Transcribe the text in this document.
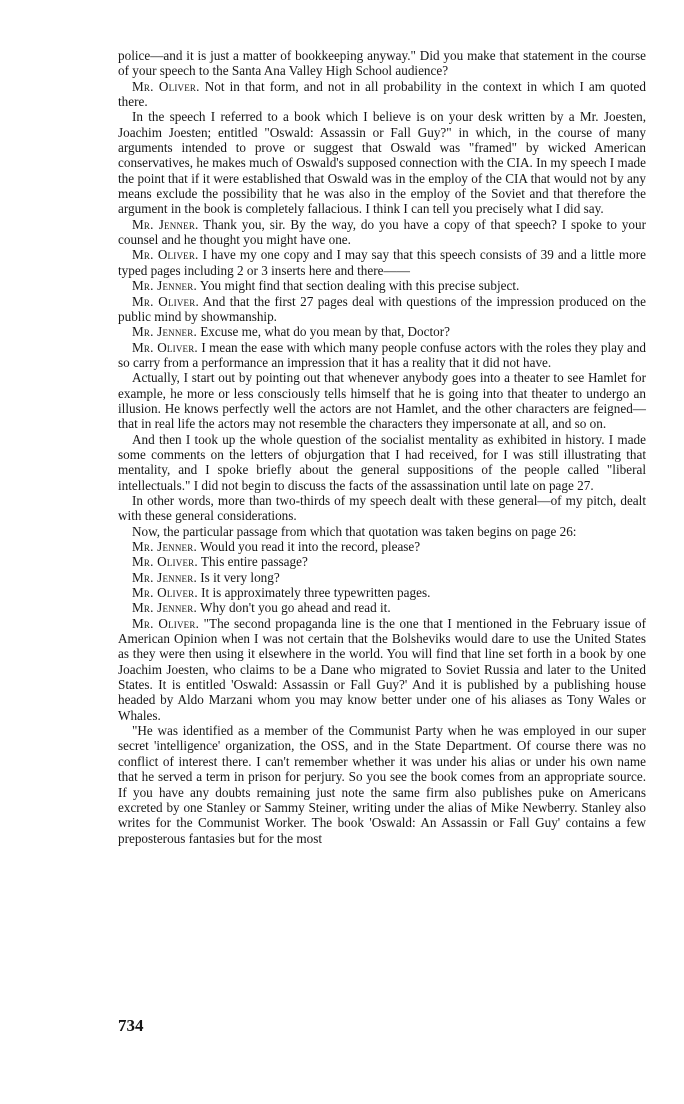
police—and it is just a matter of bookkeeping anyway." Did you make that statement in the course of your speech to the Santa Ana Valley High School audience?

Mr. Oliver. Not in that form, and not in all probability in the context in which I am quoted there.

In the speech I referred to a book which I believe is on your desk written by a Mr. Joesten, Joachim Joesten; entitled "Oswald: Assassin or Fall Guy?" in which, in the course of many arguments intended to prove or suggest that Oswald was "framed" by wicked American conservatives, he makes much of Oswald's supposed connection with the CIA. In my speech I made the point that if it were established that Oswald was in the employ of the CIA that would not by any means exclude the possibility that he was also in the employ of the Soviet and that therefore the argument in the book is completely fallacious. I think I can tell you precisely what I did say.

Mr. Jenner. Thank you, sir. By the way, do you have a copy of that speech? I spoke to your counsel and he thought you might have one.

Mr. Oliver. I have my one copy and I may say that this speech consists of 39 and a little more typed pages including 2 or 3 inserts here and there——

Mr. Jenner. You might find that section dealing with this precise subject.

Mr. Oliver. And that the first 27 pages deal with questions of the impression produced on the public mind by showmanship.

Mr. Jenner. Excuse me, what do you mean by that, Doctor?

Mr. Oliver. I mean the ease with which many people confuse actors with the roles they play and so carry from a performance an impression that it has a reality that it did not have.

Actually, I start out by pointing out that whenever anybody goes into a theater to see Hamlet for example, he more or less consciously tells himself that he is going into that theater to undergo an illusion. He knows perfectly well the actors are not Hamlet, and the other characters are feigned—that in real life the actors may not resemble the characters they impersonate at all, and so on.

And then I took up the whole question of the socialist mentality as exhibited in history. I made some comments on the letters of objurgation that I had received, for I was still illustrating that mentality, and I spoke briefly about the general suppositions of the people called "liberal intellectuals." I did not begin to discuss the facts of the assassination until late on page 27.

In other words, more than two-thirds of my speech dealt with these general—of my pitch, dealt with these general considerations.

Now, the particular passage from which that quotation was taken begins on page 26:

Mr. Jenner. Would you read it into the record, please?

Mr. Oliver. This entire passage?

Mr. Jenner. Is it very long?

Mr. Oliver. It is approximately three typewritten pages.

Mr. Jenner. Why don't you go ahead and read it.

Mr. Oliver. "The second propaganda line is the one that I mentioned in the February issue of American Opinion when I was not certain that the Bolsheviks would dare to use the United States as they were then using it elsewhere in the world. You will find that line set forth in a book by one Joachim Joesten, who claims to be a Dane who migrated to Soviet Russia and later to the United States. It is entitled 'Oswald: Assassin or Fall Guy?' And it is published by a publishing house headed by Aldo Marzani whom you may know better under one of his aliases as Tony Wales or Whales.

"He was identified as a member of the Communist Party when he was employed in our super secret 'intelligence' organization, the OSS, and in the State Department. Of course there was no conflict of interest there. I can't remember whether it was under his alias or under his own name that he served a term in prison for perjury. So you see the book comes from an appropriate source. If you have any doubts remaining just note the same firm also publishes puke on Americans excreted by one Stanley or Sammy Steiner, writing under the alias of Mike Newberry. Stanley also writes for the Communist Worker. The book 'Oswald: An Assassin or Fall Guy' contains a few preposterous fantasies but for the most

734
